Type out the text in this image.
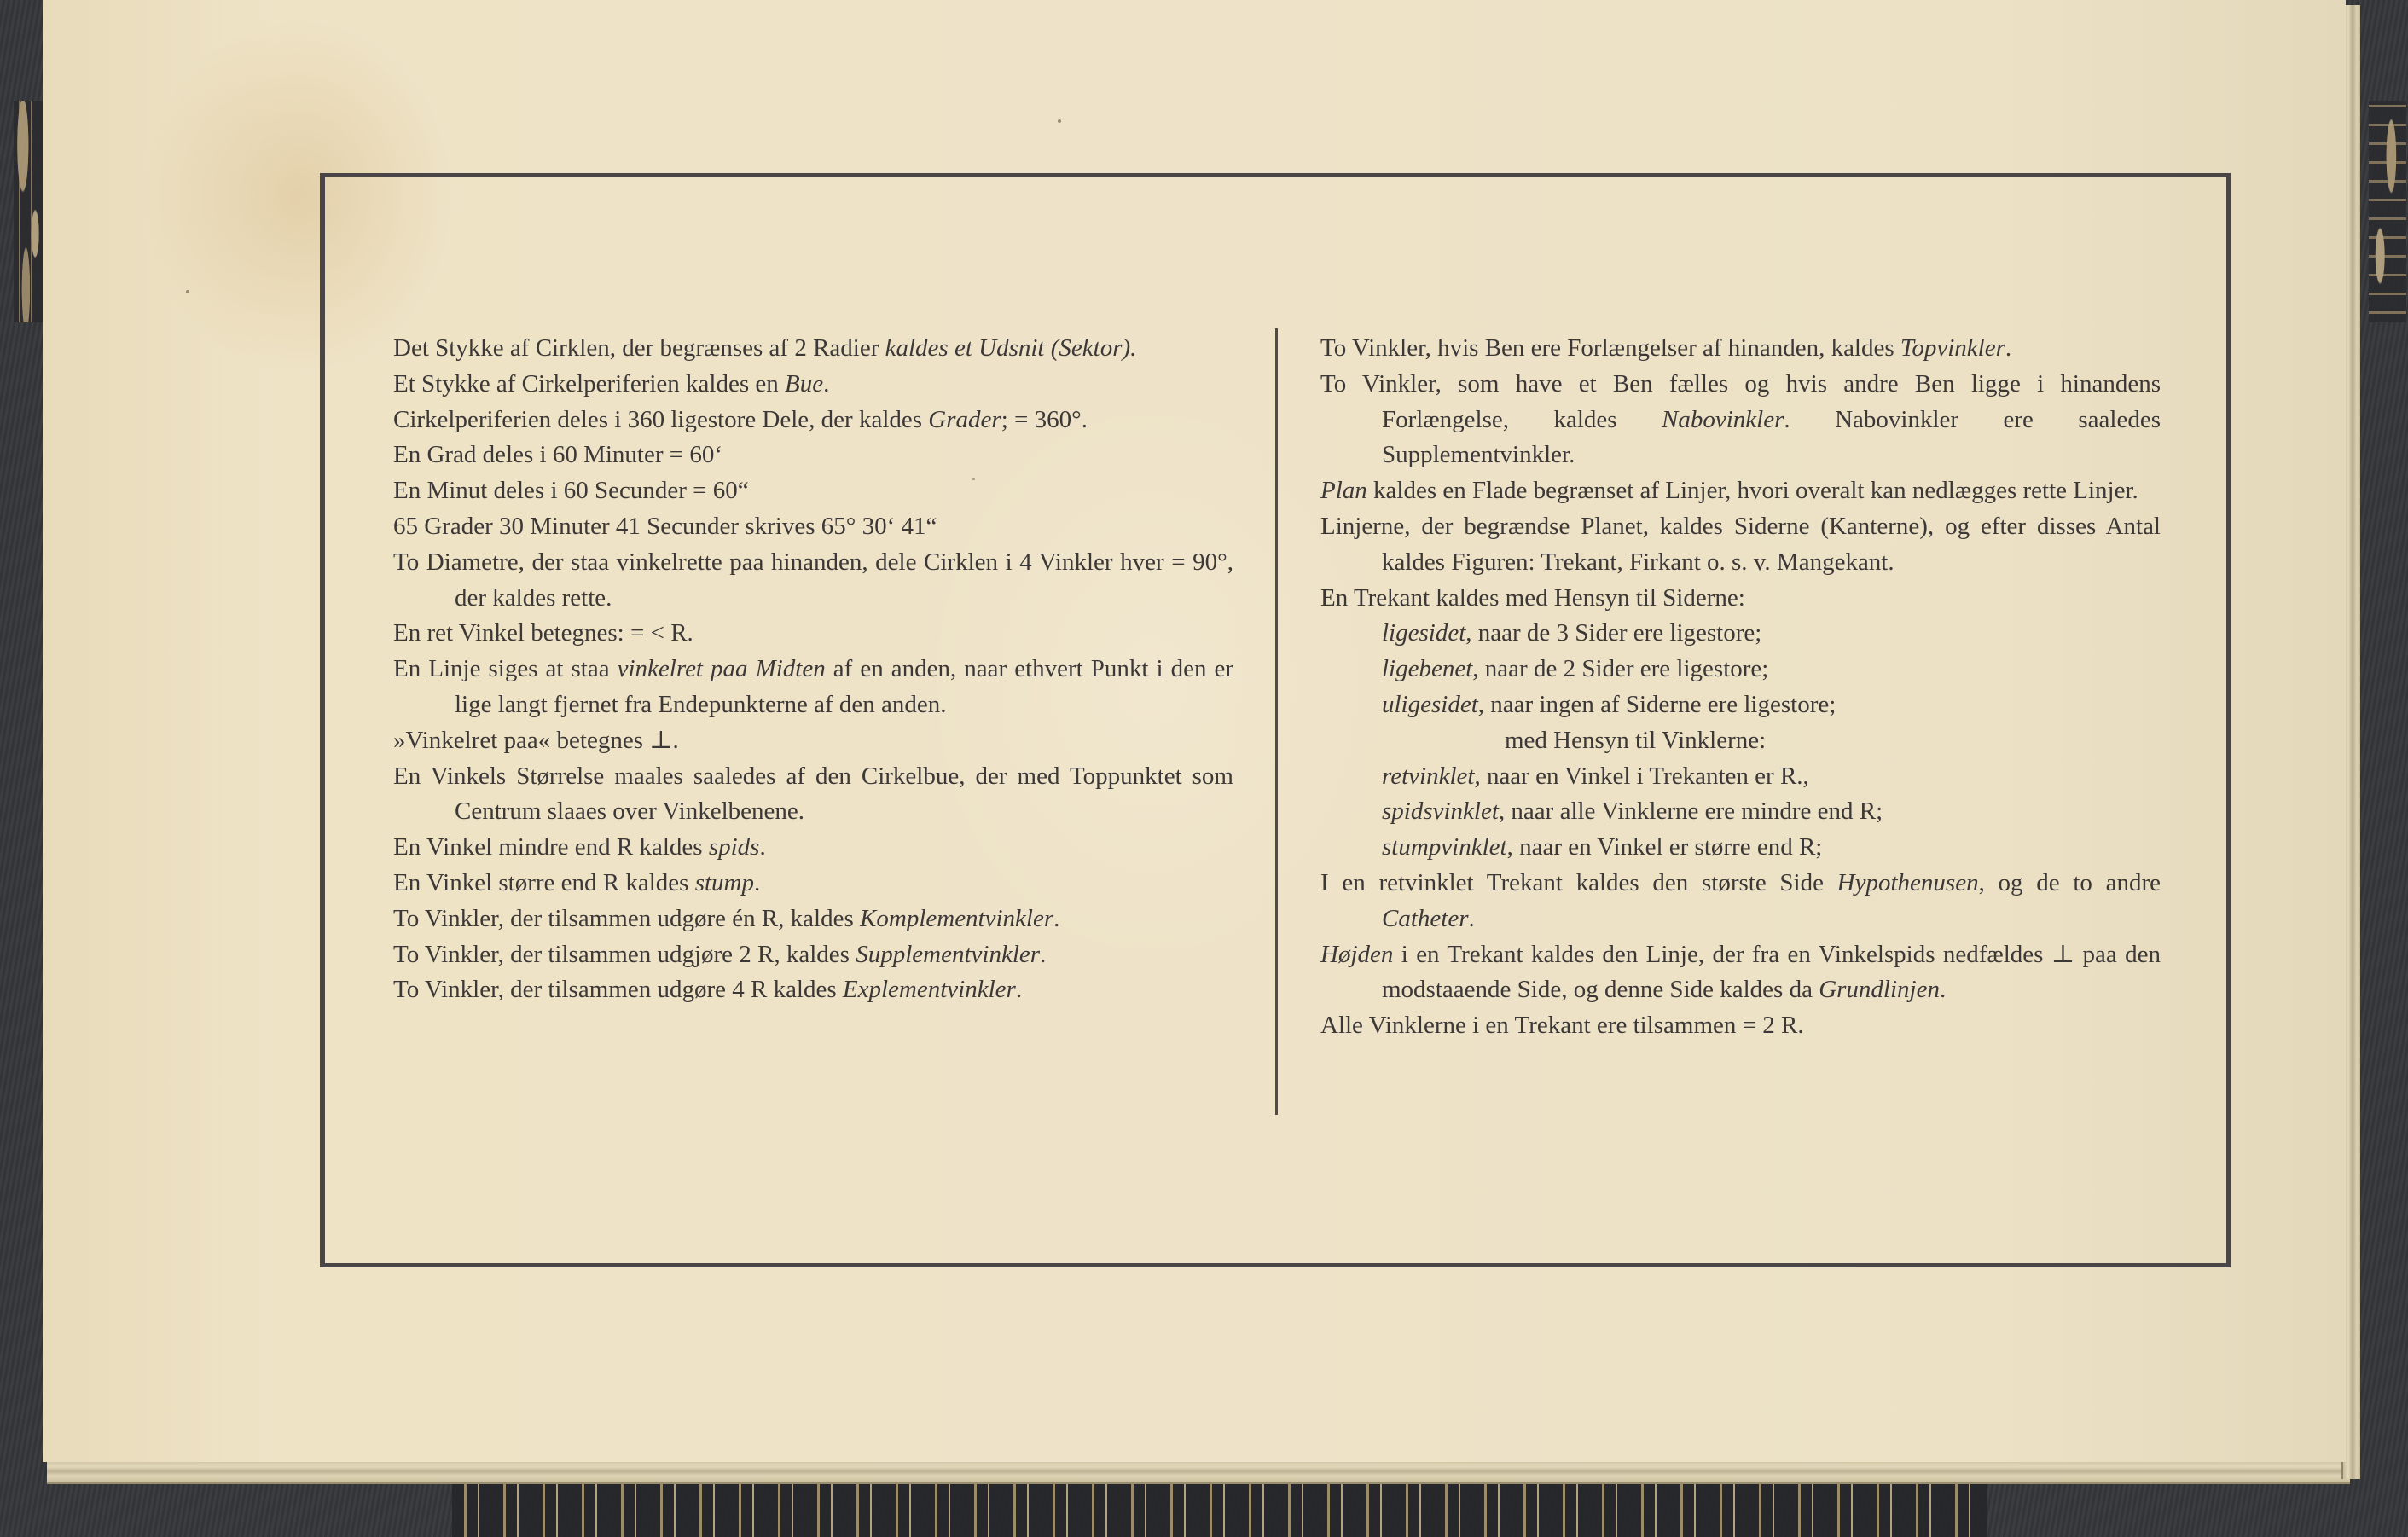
Det Stykke af Cirklen, der begrænses af 2 Radier kaldes et Udsnit (Sektor).

Et Stykke af Cirkelperiferien kaldes en Bue.

Cirkelperiferien deles i 360 ligestore Dele, der kaldes Grader; = 360°.

En Grad deles i 60 Minuter = 60‘

En Minut deles i 60 Secunder = 60“

65 Grader 30 Minuter 41 Secunder skrives 65° 30‘ 41“

To Diametre, der staa vinkelrette paa hinanden, dele Cirklen i 4 Vinkler hver = 90°, der kaldes rette.

En ret Vinkel betegnes: = < R.

En Linje siges at staa vinkelret paa Midten af en anden, naar ethvert Punkt i den er lige langt fjernet fra Endepunkterne af den anden.

»Vinkelret paa« betegnes ⊥.

En Vinkels Størrelse maales saaledes af den Cirkelbue, der med Toppunktet som Centrum slaaes over Vinkelbenene.

En Vinkel mindre end R kaldes spids.

En Vinkel større end R kaldes stump.

To Vinkler, der tilsammen udgøre én R, kaldes Komplementvinkler.

To Vinkler, der tilsammen udgjøre 2 R, kaldes Supplementvinkler.

To Vinkler, der tilsammen udgøre 4 R kaldes Explementvinkler.

To Vinkler, hvis Ben ere Forlængelser af hinanden, kaldes Topvinkler.

To Vinkler, som have et Ben fælles og hvis andre Ben ligge i hinandens Forlængelse, kaldes Nabovinkler. Nabovinkler ere saaledes Supplementvinkler.

Plan kaldes en Flade begrænset af Linjer, hvori overalt kan nedlægges rette Linjer.

Linjerne, der begrændse Planet, kaldes Siderne (Kanterne), og efter disses Antal kaldes Figuren: Trekant, Firkant o. s. v. Mangekant.

En Trekant kaldes med Hensyn til Siderne:

ligesidet, naar de 3 Sider ere ligestore;

ligebenet, naar de 2 Sider ere ligestore;

uligesidet, naar ingen af Siderne ere ligestore;

med Hensyn til Vinklerne:

retvinklet, naar en Vinkel i Trekanten er R.,

spidsvinklet, naar alle Vinklerne ere mindre end R;

stumpvinklet, naar en Vinkel er større end R;

I en retvinklet Trekant kaldes den største Side Hypothenusen, og de to andre Catheter.

Højden i en Trekant kaldes den Linje, der fra en Vinkelspids nedfældes ⊥ paa den modstaaende Side, og denne Side kaldes da Grundlinjen.

Alle Vinklerne i en Trekant ere tilsammen = 2 R.
